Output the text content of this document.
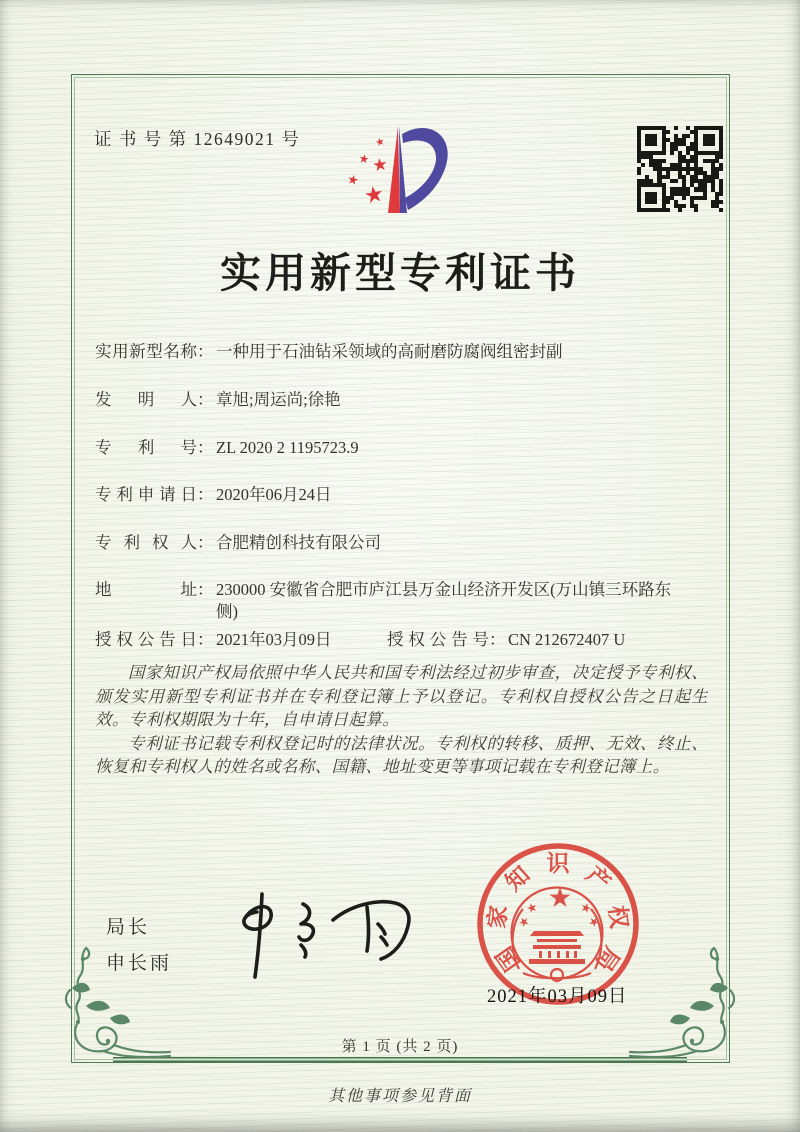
证 书 号 第 12649021 号
实用新型专利证书
实用新型名称 ： 一种用于石油钻采领域的高耐磨防腐阀组密封副
发明人 ： 章旭;周运尚;徐艳
专利号 ： ZL 2020 2 1195723.9
专利申请日 ： 2020年06月24日
专利权人 ： 合肥精创科技有限公司
地址 ： 230000 安徽省合肥市庐江县万金山经济开发区(万山镇三环路东侧)
授权公告日 ： 2021年03月09日	授权公告号 ： CN 212672407 U

国家知识产权局依照中华人民共和国专利法经过初步审查，决定授予专利权、颁发实用新型专利证书并在专利登记簿上予以登记。专利权自授权公告之日起生效。专利权期限为十年，自申请日起算。

专利证书记载专利权登记时的法律状况。专利权的转移、质押、无效、终止、恢复和专利权人的姓名或名称、国籍、地址变更等事项记载在专利登记簿上。

局长
申长雨	国
家
知 识 产
权
局
2021年03月09日
第 1 页 (共 2 页)
其他事项参见背面
